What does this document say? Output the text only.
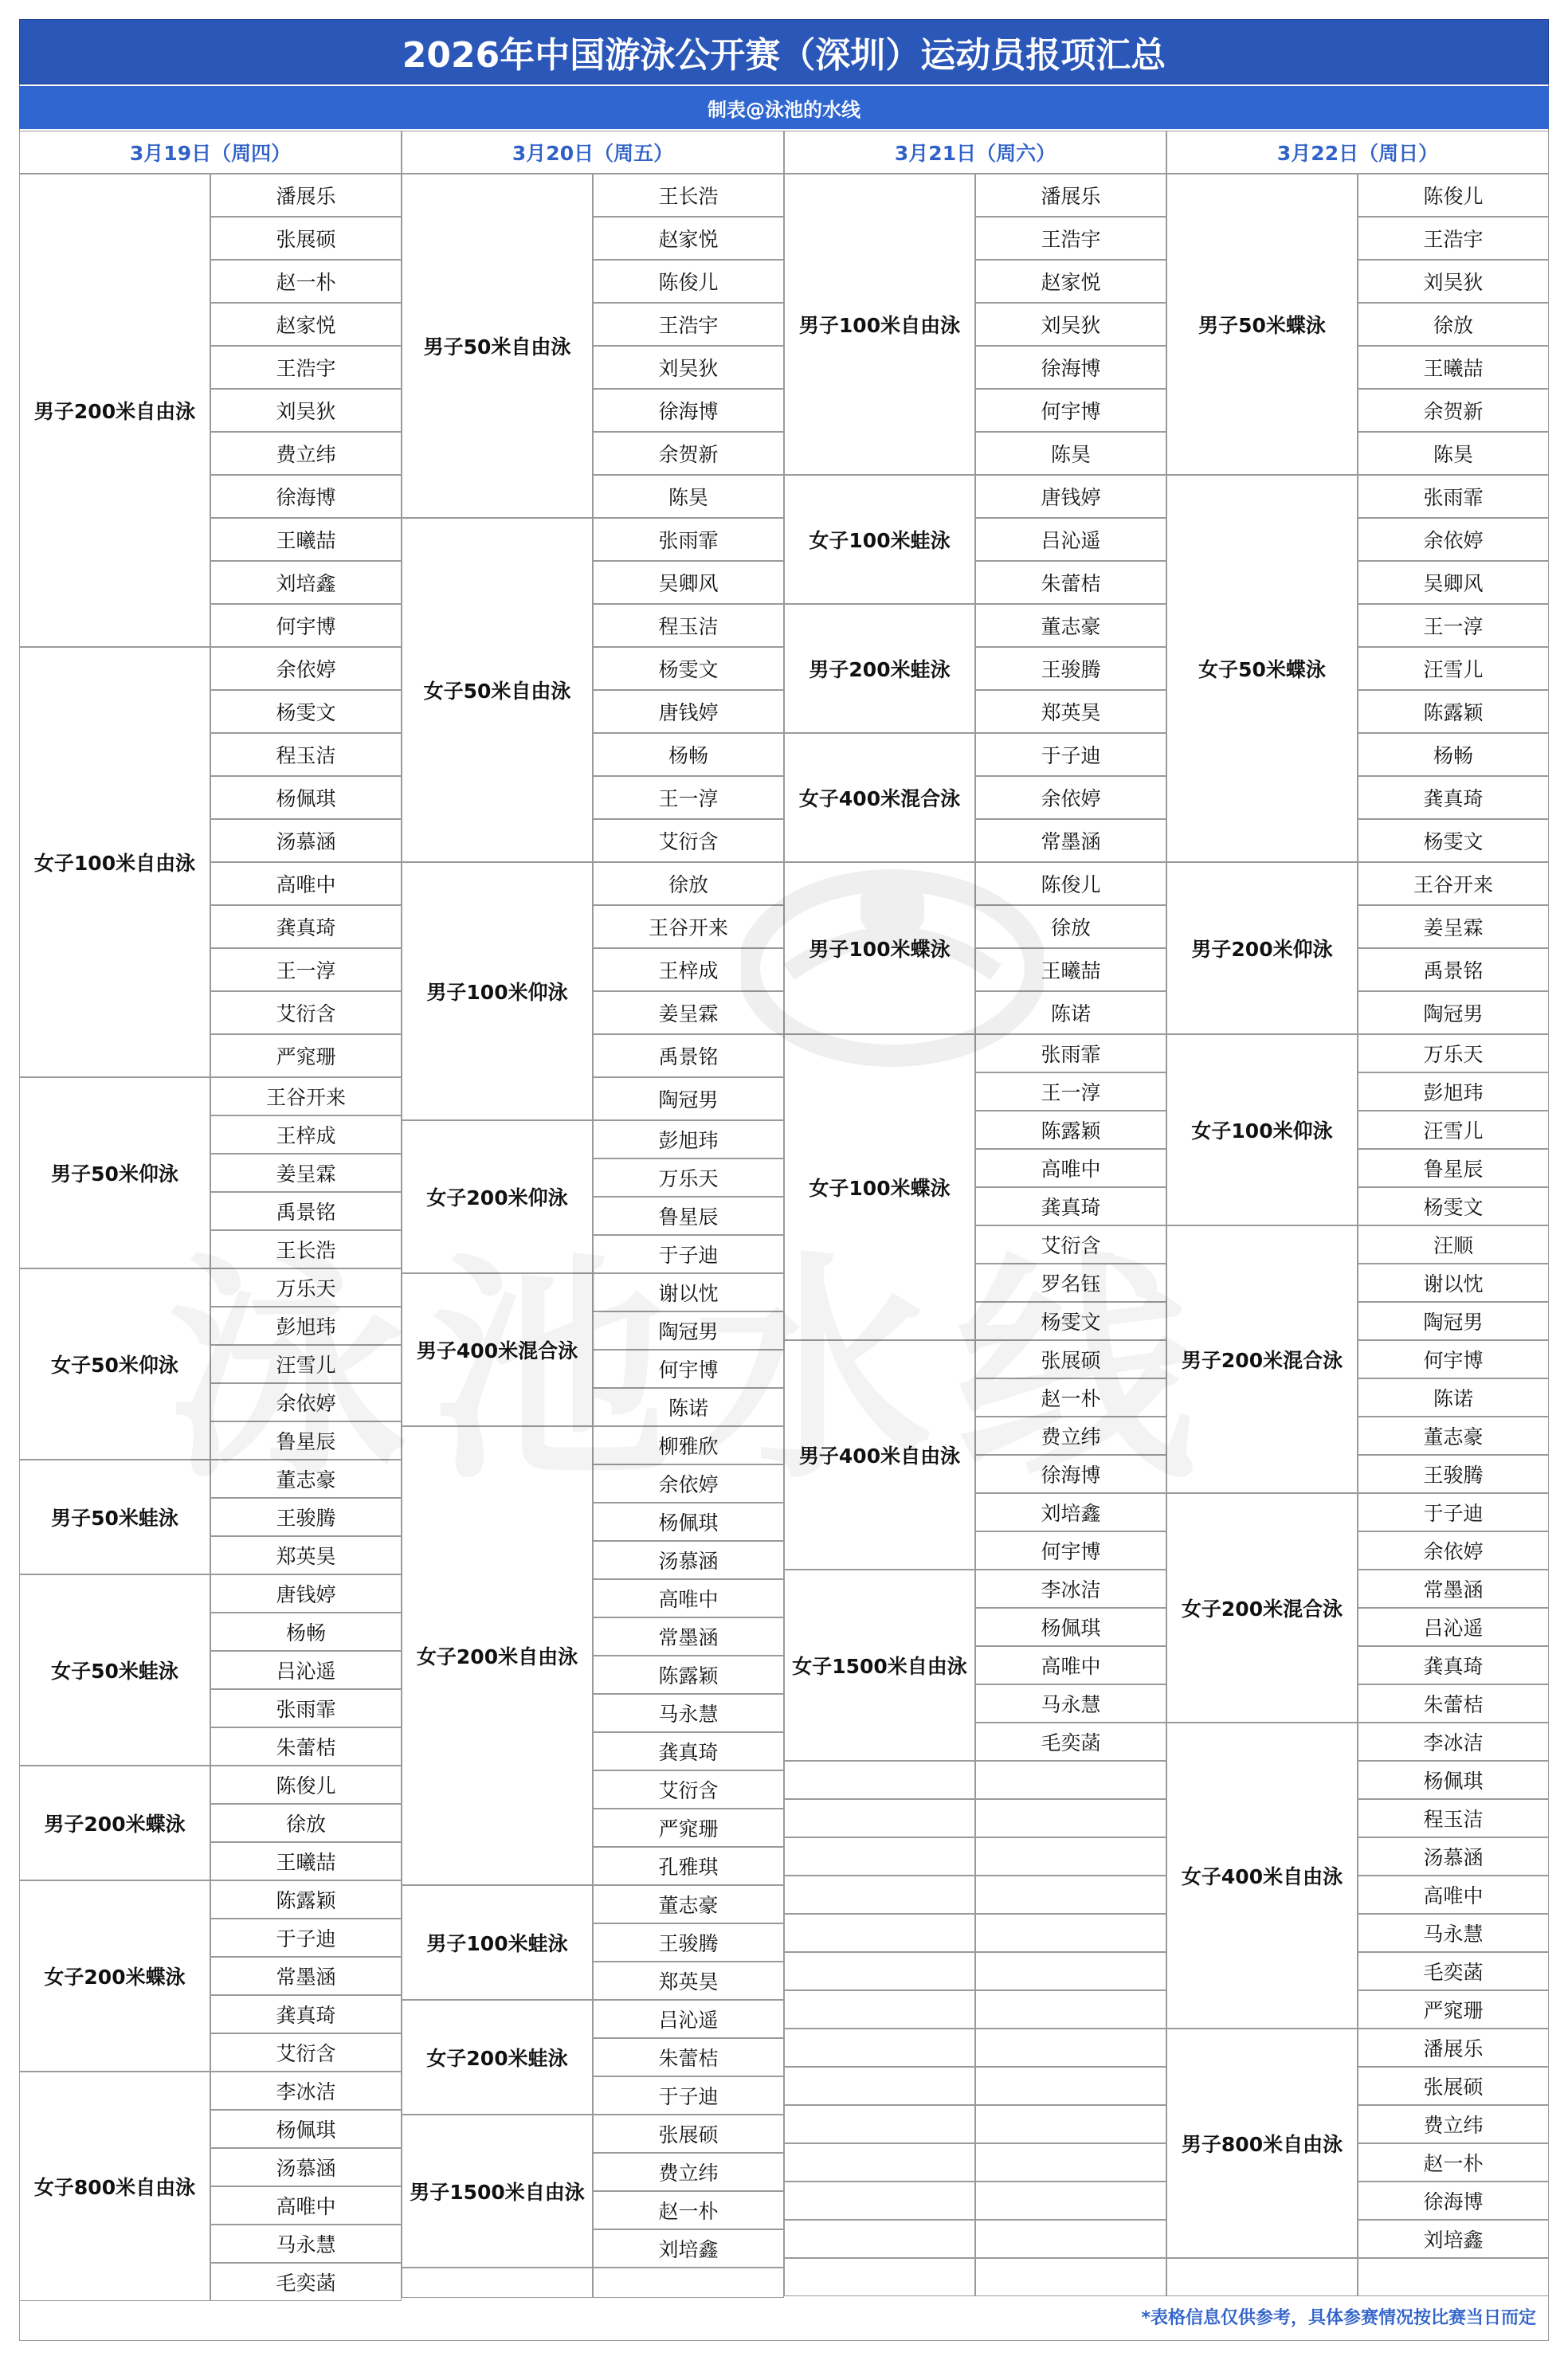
2026年中国游泳公开赛（深圳）运动员报项汇总
制表@泳池的水线
3月19日（周四）
潘展乐
张展硕
赵一朴
赵家悦
王浩宇
刘吴狄
费立纬
徐海博
王曦喆
刘培鑫
何宇博
男子200米自由泳
余依婷
杨雯文
程玉洁
杨佩琪
汤慕涵
高唯中
龚真琦
王一淳
艾衍含
严窕珊
女子100米自由泳
王谷开来
王梓成
姜呈霖
禹景铭
王长浩
男子50米仰泳
万乐天
彭旭玮
汪雪儿
余依婷
鲁星辰
女子50米仰泳
董志豪
王骏腾
郑英昊
男子50米蛙泳
唐钱婷
杨畅
吕沁遥
张雨霏
朱蕾桔
女子50米蛙泳
陈俊儿
徐放
王曦喆
男子200米蝶泳
陈露颖
于子迪
常墨涵
龚真琦
艾衍含
女子200米蝶泳
李冰洁
杨佩琪
汤慕涵
高唯中
马永慧
毛奕菡
女子800米自由泳
3月20日（周五）
王长浩
赵家悦
陈俊儿
王浩宇
刘吴狄
徐海博
余贺新
陈昊
男子50米自由泳
张雨霏
吴卿风
程玉洁
杨雯文
唐钱婷
杨畅
王一淳
艾衍含
女子50米自由泳
徐放
王谷开来
王梓成
姜呈霖
禹景铭
陶冠男
男子100米仰泳
彭旭玮
万乐天
鲁星辰
于子迪
女子200米仰泳
谢以忱
陶冠男
何宇博
陈诺
男子400米混合泳
柳雅欣
余依婷
杨佩琪
汤慕涵
高唯中
常墨涵
陈露颖
马永慧
龚真琦
艾衍含
严窕珊
孔雅琪
女子200米自由泳
董志豪
王骏腾
郑英昊
男子100米蛙泳
吕沁遥
朱蕾桔
于子迪
女子200米蛙泳
张展硕
费立纬
赵一朴
刘培鑫
男子1500米自由泳
3月21日（周六）
潘展乐
王浩宇
赵家悦
刘吴狄
徐海博
何宇博
陈昊
男子100米自由泳
唐钱婷
吕沁遥
朱蕾桔
女子100米蛙泳
董志豪
王骏腾
郑英昊
男子200米蛙泳
于子迪
余依婷
常墨涵
女子400米混合泳
陈俊儿
徐放
王曦喆
陈诺
男子100米蝶泳
张雨霏
王一淳
陈露颖
高唯中
龚真琦
艾衍含
罗名钰
杨雯文
女子100米蝶泳
张展硕
赵一朴
费立纬
徐海博
刘培鑫
何宇博
男子400米自由泳
李冰洁
杨佩琪
高唯中
马永慧
毛奕菡
女子1500米自由泳
3月22日（周日）
陈俊儿
王浩宇
刘吴狄
徐放
王曦喆
余贺新
陈昊
男子50米蝶泳
张雨霏
余依婷
吴卿风
王一淳
汪雪儿
陈露颖
杨畅
龚真琦
杨雯文
女子50米蝶泳
王谷开来
姜呈霖
禹景铭
陶冠男
男子200米仰泳
万乐天
彭旭玮
汪雪儿
鲁星辰
杨雯文
女子100米仰泳
汪顺
谢以忱
陶冠男
何宇博
陈诺
董志豪
王骏腾
男子200米混合泳
于子迪
余依婷
常墨涵
吕沁遥
龚真琦
朱蕾桔
女子200米混合泳
李冰洁
杨佩琪
程玉洁
汤慕涵
高唯中
马永慧
毛奕菡
严窕珊
女子400米自由泳
潘展乐
张展硕
费立纬
赵一朴
徐海博
刘培鑫
男子800米自由泳
*表格信息仅供参考，具体参赛情况按比赛当日而定
